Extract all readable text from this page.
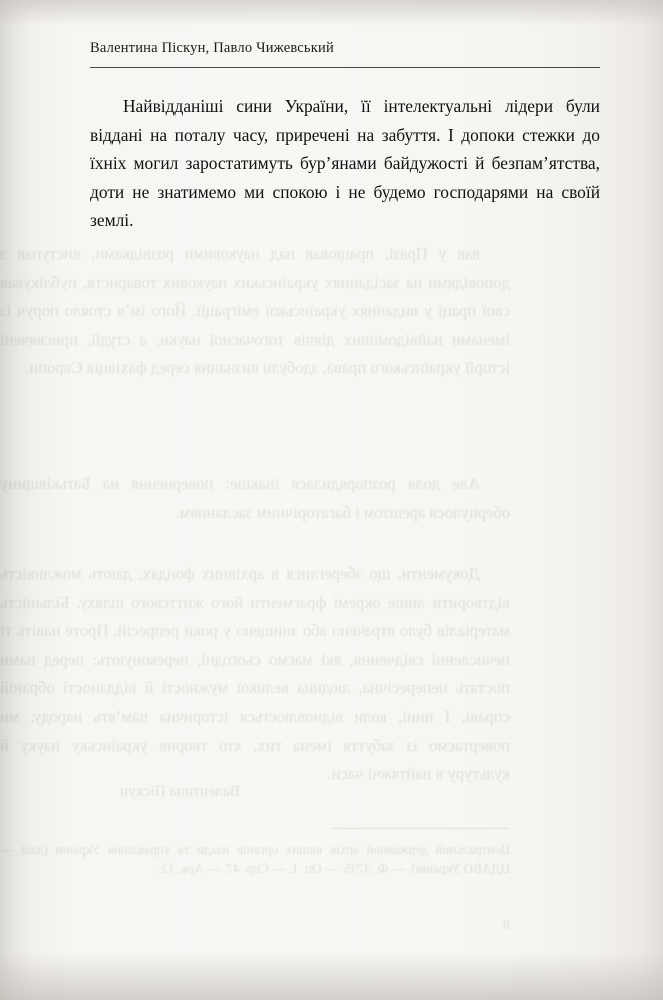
вав у Празі, працював над науковими розвідками, виступав з доповідями на засіданнях українських наукових товариств, публікував свої праці у виданнях української еміграції. Його ім’я стояло поруч із іменами найвідоміших діячів тогочасної науки, а студії, присвячені історії українського права, здобули визнання серед фахівців Європи.
Але доля розпорядилася інакше: повернення на Батьківщину обернулося арештом і багаторічним засланням.
Документи, що збереглися в архівних фондах, дають можливість відтворити лише окремі фрагменти його життєвого шляху. Більшість матеріалів було втрачено або знищено у роки репресій. Проте навіть ті нечисленні свідчення, які маємо сьогодні, переконують: перед нами постать непересічна, людина великої мужності й відданості обраній справі. І нині, коли відновлюється історична пам’ять народу, ми повертаємо із забуття імена тих, хто творив українську науку й культуру в найтяжчі часи.
Валентина Піскун
Центральний державний архів вищих органів влади та управління України (далі — ЦДАВО України). — Ф. 3795. — Оп. 1. — Спр. 47. — Арк. 12.
8
Валентина Піскун, Павло Чижевський
Найвідданіші сини України, її інтелектуальні лідери були віддані на поталу часу, приречені на забуття. І допоки стежки до їхніх могил заростатимуть бур’янами байдужості й безпам’ятства, доти не знатимемо ми спокою і не будемо господарями на своїй землі.
